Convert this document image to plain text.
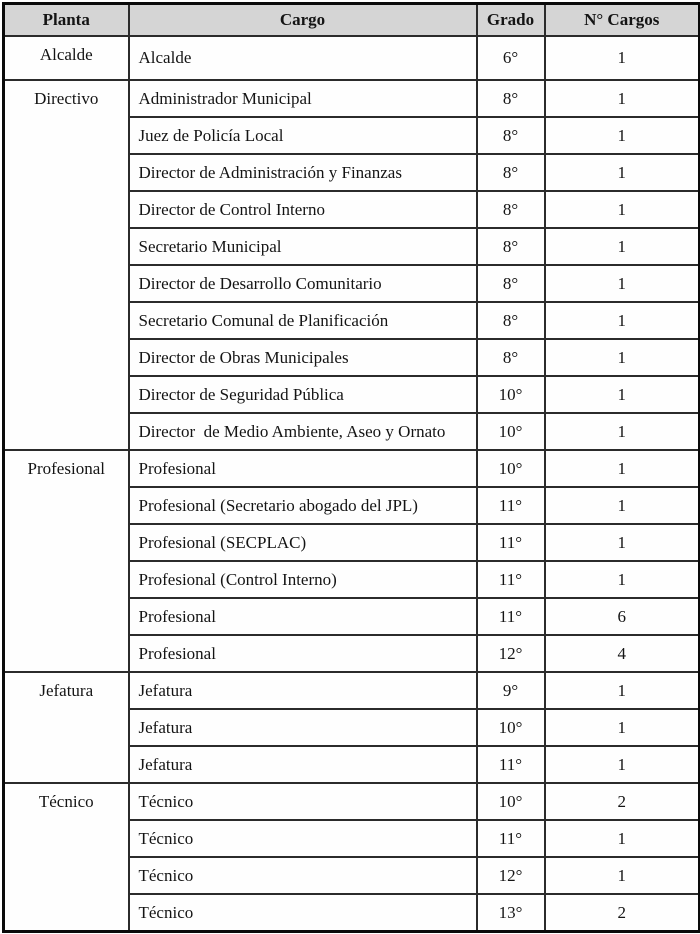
Planta	Cargo	Grado	N° Cargos
Alcalde	Alcalde	6°	1
Directivo	Administrador Municipal	8°	1
	Juez de Policía Local	8°	1
	Director de Administración y Finanzas	8°	1
	Director de Control Interno	8°	1
	Secretario Municipal	8°	1
	Director de Desarrollo Comunitario	8°	1
	Secretario Comunal de Planificación	8°	1
	Director de Obras Municipales	8°	1
	Director de Seguridad Pública	10°	1
	Director  de Medio Ambiente, Aseo y Ornato	10°	1
Profesional	Profesional	10°	1
	Profesional (Secretario abogado del JPL)	11°	1
	Profesional (SECPLAC)	11°	1
	Profesional (Control Interno)	11°	1
	Profesional	11°	6
	Profesional	12°	4
Jefatura	Jefatura	9°	1
	Jefatura	10°	1
	Jefatura	11°	1
Técnico	Técnico	10°	2
	Técnico	11°	1
	Técnico	12°	1
	Técnico	13°	2
